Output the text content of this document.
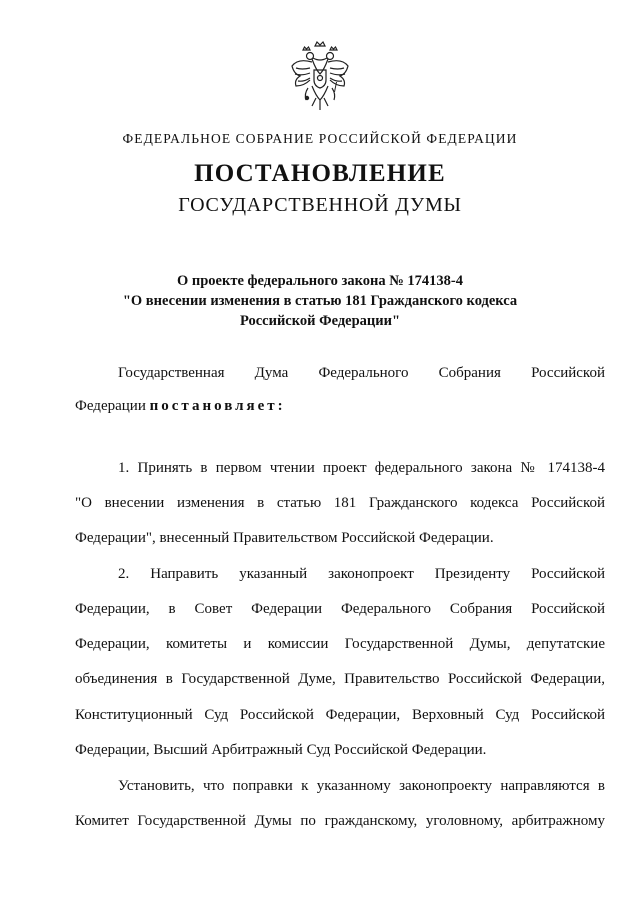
ФЕДЕРАЛЬНОЕ СОБРАНИЕ РОССИЙСКОЙ ФЕДЕРАЦИИ
ПОСТАНОВЛЕНИЕ
ГОСУДАРСТВЕННОЙ ДУМЫ
О проекте федерального закона № 174138-4
"О внесении изменения в статью 181 Гражданского кодекса
Российской Федерации"
Государственная Дума Федерального Собрания Российской
Федерации постановляет:
1. Принять в первом чтении проект федерального закона № 174138-4
"О внесении изменения в статью 181 Гражданского кодекса Российской
Федерации", внесенный Правительством Российской Федерации.
2. Направить указанный законопроект Президенту Российской
Федерации, в Совет Федерации Федерального Собрания Российской
Федерации, комитеты и комиссии Государственной Думы, депутатские
объединения в Государственной Думе, Правительство Российской Федерации,
Конституционный Суд Российской Федерации, Верховный Суд Российской
Федерации, Высший Арбитражный Суд Российской Федерации.
Установить, что поправки к указанному законопроекту направляются в
Комитет Государственной Думы по гражданскому, уголовному, арбитражному
